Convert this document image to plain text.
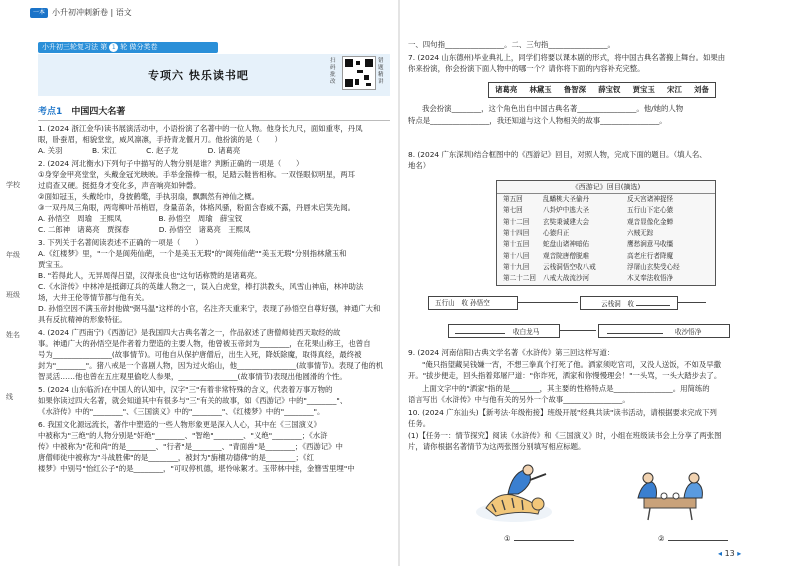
学校
年级
班级
姓名
线
一本 小升初冲刺新卷 | 语文
专项六 快乐读书吧
扫码批改
错题精讲
小升初三轮复习法 第 1 轮 做分类卷
考点1 中国四大名著

1. (2024 浙江金华)读书展演活动中，小语扮演了名著中的一位人物。他身长九尺，面如重枣，丹凤

眼，卧蚕眉，相貌堂堂，威风凛凛，手持青龙偃月刀。他扮演的是（　　）

A. 关羽　　　　B. 宋江　　　　C. 赵子龙　　　　D. 诸葛亮

2. (2024 河北衡水)下列句子中描写的人物分别是谁？判断正确的一项是（　　）

①身穿金甲亮堂堂，头戴金冠光映映。手举金箍棒一根，足踏云鞋皆相称。一双怪眼似明星，两耳

过肩查又硬。挺挺身才变化多，声音响亮如钟磬。

②面如冠玉，头戴纶巾，身披鹤氅，手执羽扇，飘飘然有神仙之概。

③一双丹凤三角眼，两弯柳叶吊梢眉，身量苗条，体格风骚，粉面含春威不露，丹唇未启笑先闻。

A. 孙悟空　周瑜　王熙凤　　　　　B. 孙悟空　周瑜　薛宝钗

C. 二郎神　诸葛亮　贾探春　　　　D. 孙悟空　诸葛亮　王熙凤

3. 下列关于名著阅读表述不正确的一项是（　　）

A.《红楼梦》里，"一个是阆苑仙葩，一个是美玉无瑕"的"阆苑仙葩""美玉无瑕"分别指林黛玉和

贾宝玉。

B. "若得此人，无异周得吕望，汉得张良也"这句话称赞的是诸葛亮。

C.《水浒传》中林冲是抵御辽兵的英雄人物之一，误入白虎堂，棒打洪教头，风雪山神庙，林冲助法

场，大井王伦等情节都与他有关。

D. 孙悟空因不满玉帝封他做"弼马温"这样的小官，名注齐天重来宁，表现了孙悟空自尊好强，神通广大和

具有反抗精神的形象特征。

4. (2024 广西南宁)《西游记》是我国四大古典名著之一，作品叙述了唐僧师徒西天取经的故

事。神通广大的孙悟空是作者着力塑造的主要人物，他曾被玉帝封为________，在花果山称王，也曾自

号为________________(故事情节)。可他自从保护唐僧后，出生入死，降妖除魔，取得真经，最终被

封为"________"。猪八戒是一个喜剧人物，因为过火焰山，他________________(故事情节)。表现了他的机

智灵活……他也曾在五庄观里偷吃人参果，________________(故事情节)表现出他圆滑的个性。

5. (2024 山东临沂)在中国人的认知中，汉字"三"有着非常特殊的含义，代表着万事万物的

如果你读过四大名著，就会知道其中有很多与"三"有关的故事，如《西游记》中的"________"、

《水浒传》中的"________"、《三国演义》中的"________"、《红楼梦》中的"________"。

6. 我国文化源远流长，著作中塑造的一些人物形象更是深入人心，其中在《三国演义》

中被称为"三绝"的人物分别是"奸绝"________、"智绝"________、"义绝"________；《水浒

传》中被称为"花和尚"的是________、"行者"是________、"青面兽"是________；《西游记》中

唐僧师徒中被称为"斗战胜佛"的是________，被封为"旃檀功德佛"的是________；《红

楼梦》中别号"怡红公子"的是________，"可叹停机德，堪怜咏絮才。玉带林中挂，金簪雪里埋"中

一、四句指________________。二、三句指________________。

7. (2024 山东德州)毕业典礼上，同学们将要以课本剧的形式，将中国古典名著搬上舞台。如果由

你来扮演，你会扮演下面人物中的哪一个？请你将下面的内容补充完整。

诸葛亮 林黛玉 鲁智深 薛宝钗 贾宝玉 宋江 刘备

我会扮演________，这个角色出自中国古典名著________________。他/她的人物

特点是________________，我还知道与这个人物相关的故事________________。

8. (2024 广东深圳)结合框图中的《西游记》回目，对照人物，完成下面的题目。（填人名、

地名）

《西游记》回目(摘选)
第五回	乱蟠桃大圣偷丹	反天宫诸神捉怪
第七回	八卦炉中逃大圣	五行山下定心猿
第十二回	玄奘秉诚建大会	观音显像化金蝉
第十四回	心猿归正	六贼无踪
第十五回	蛇盘山诸神暗佑	鹰愁涧意马收缰
第十八回	观音院唐僧脱难	高老庄行者降魔
第十九回	云栈洞悟空收八戒	浮屠山玄奘受心经
第二十二回	八戒大战流沙河	木叉奉法收悟净
五行山　收 孙悟空	云栈洞　收
收白龙马	收沙悟净

9. (2024 河南信阳)古典文学名著《水浒传》第三回这样写道：

"俺只指望藏吴钱嫌一宵，不想三拳真个打死了他。洒家须吃官司，又没人送饭，不如及早撒

开。"拔步便走，回头指着郑屠尸道："你诈死，洒家和你慢慢理会！"一头骂，一头大踏步去了。

上面文字中的"洒家"指的是________，其主要的性格特点是________________。用简练的

语言写出《水浒传》中与他有关的另外一个故事________________。

10. (2024 广东汕头)【新考法·年级衔接】班级开展"经典共读"读书活动，请根据要求完成下列

任务。

(1)【任务一：情节探究】阅读《水浒传》和《三国演义》时，小组在班级读书会上分享了两张图

片，请你根据名著情节为这两张图分别填写相应标题。

①	②
◂ 13 ▸
